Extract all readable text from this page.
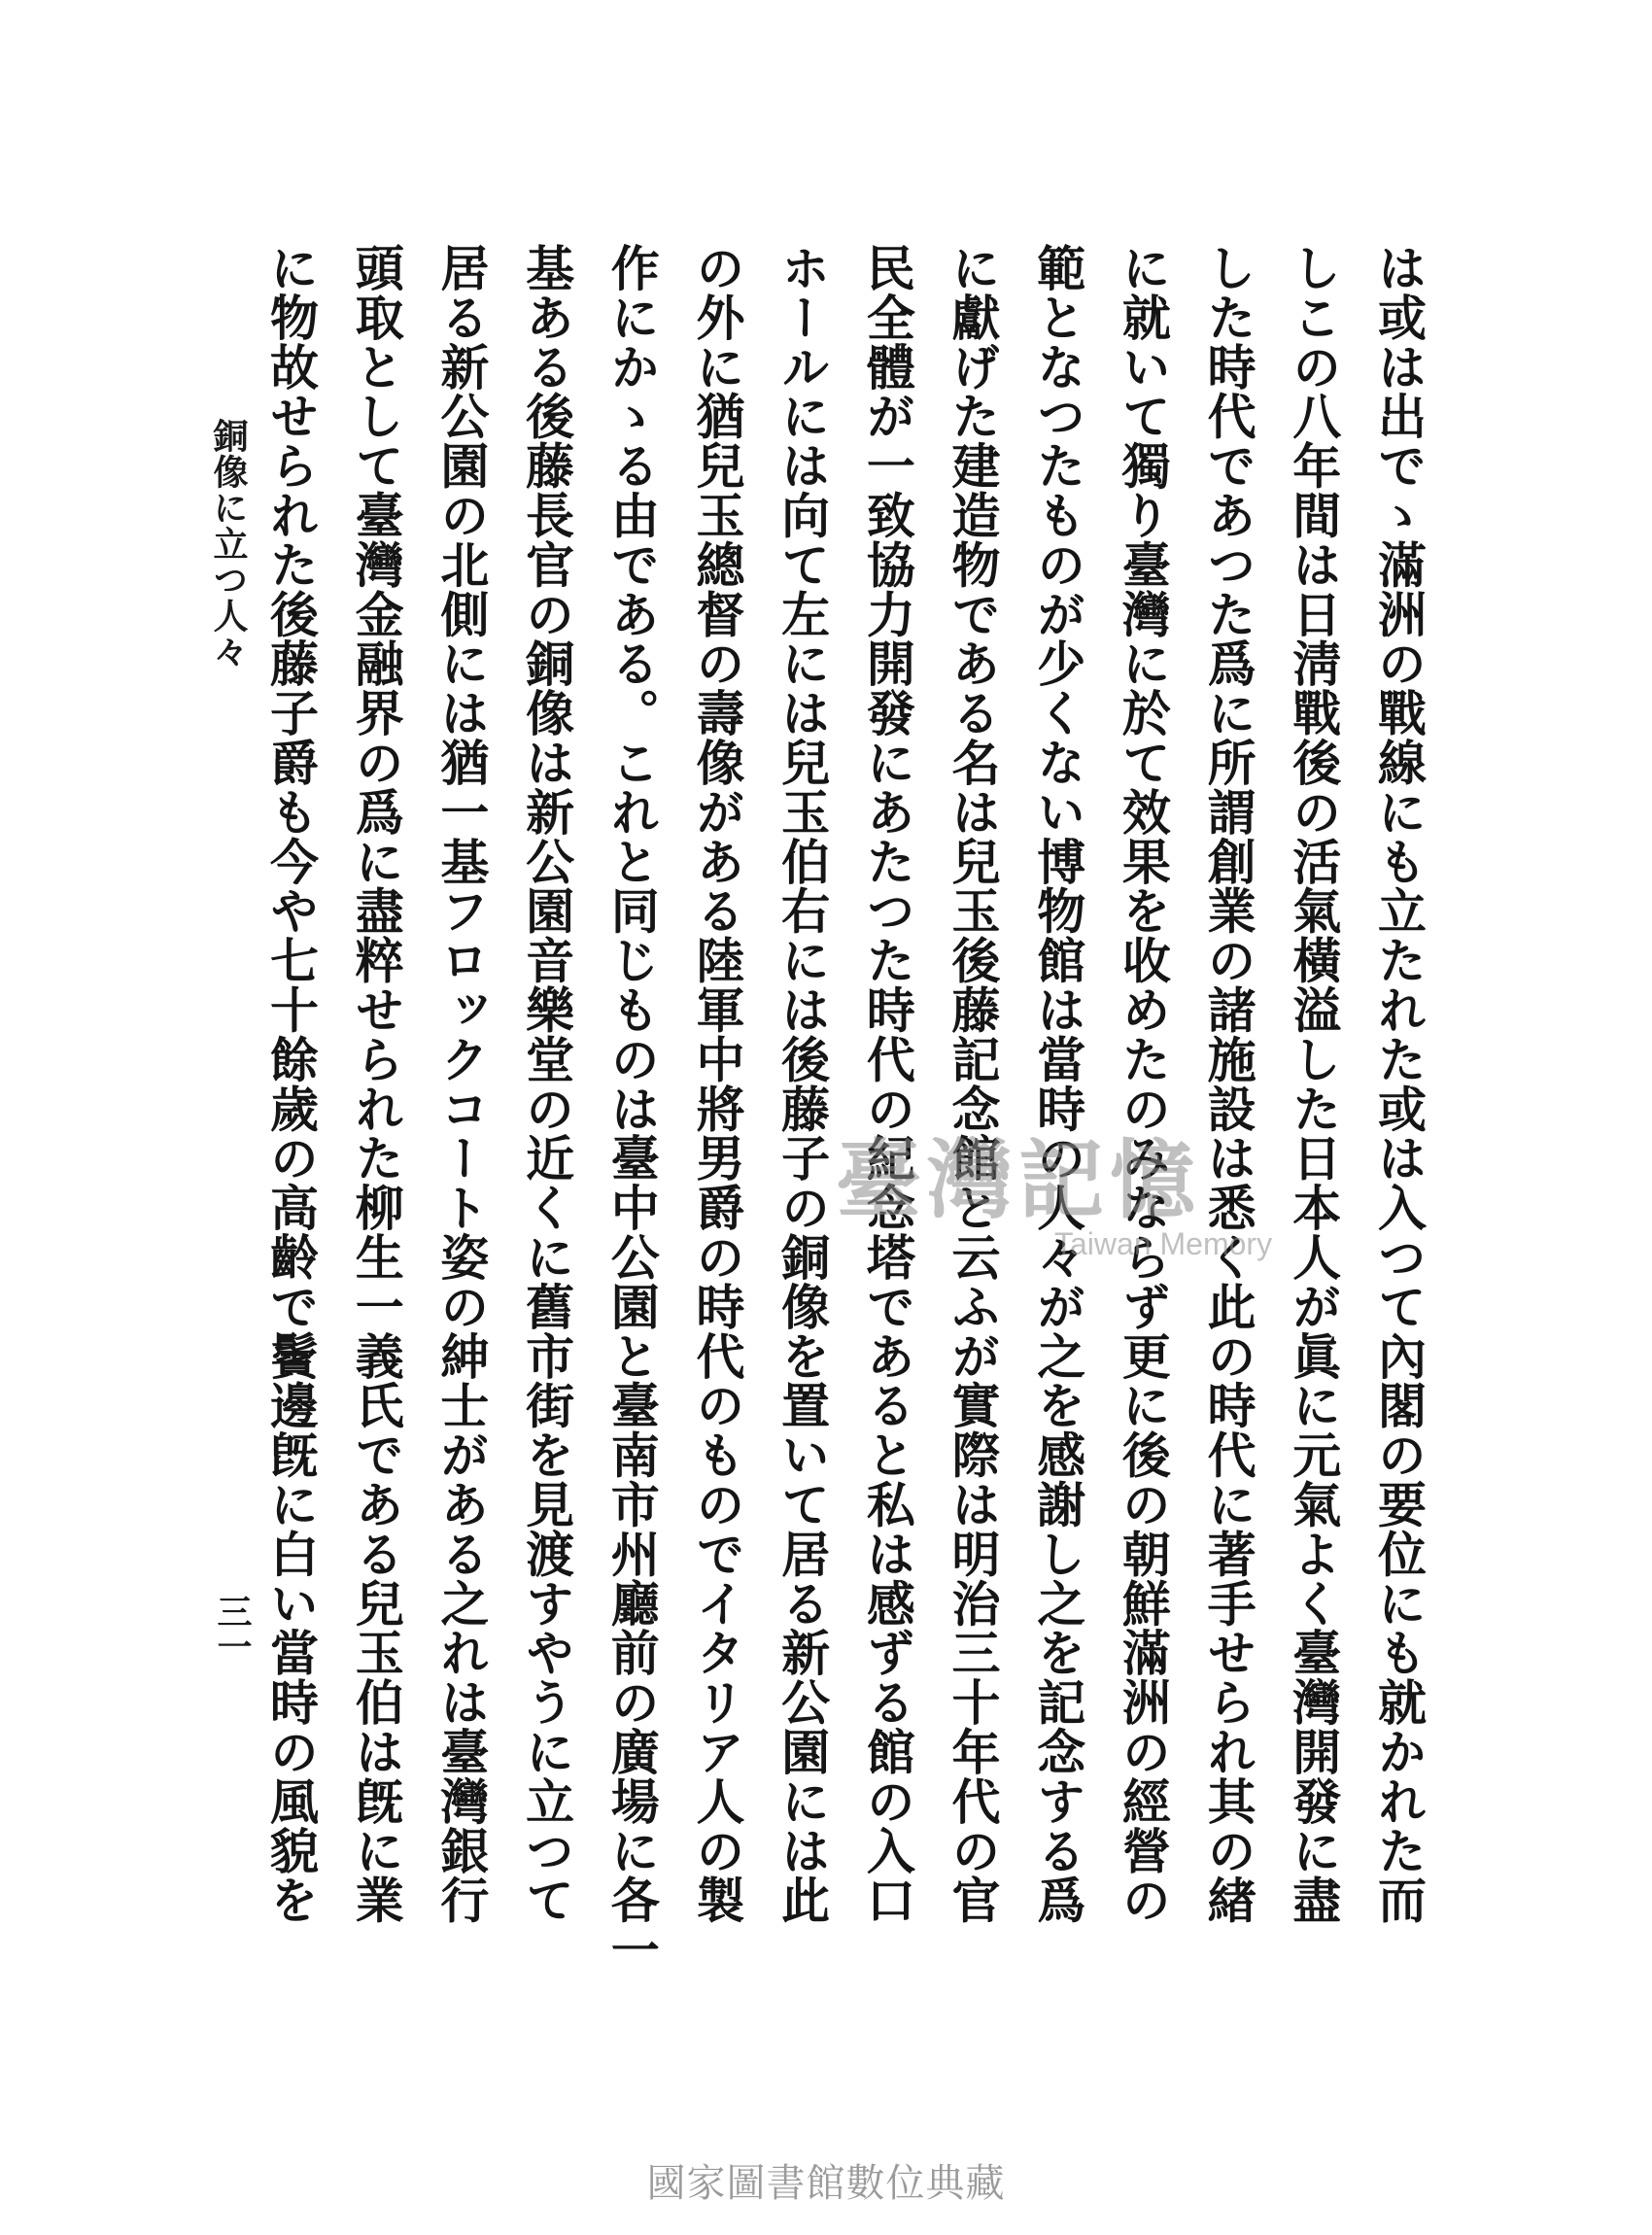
は或は出でゝ滿洲の戰線にも立たれた或は入つて內閣の要位にも就かれた而
しこの八年間は日淸戰後の活氣橫溢した日本人が眞に元氣よく臺灣開發に盡
した時代であつた爲に所謂創業の諸施設は悉く此の時代に著手せられ其の緖
に就いて獨り臺灣に於て效果を收めたのみならず更に後の朝鮮滿洲の經營の
範となつたものが少くない博物館は當時の人々が之を感謝し之を記念する爲
に獻げた建造物である名は兒玉後藤記念館と云ふが實際は明治三十年代の官
民全體が一致協力開發にあたつた時代の紀念塔であると私は感ずる館の入口
ホールには向て左には兒玉伯右には後藤子の銅像を置いて居る新公園には此
の外に猶兒玉總督の壽像がある陸軍中將男爵の時代のものでイタリア人の製
作にかゝる由である。これと同じものは臺中公園と臺南市州廳前の廣場に各一
基ある後藤長官の銅像は新公園音樂堂の近くに舊市街を見渡すやうに立つて
居る新公園の北側には猶一基フロックコート姿の紳士がある之れは臺灣銀行
頭取として臺灣金融界の爲に盡粹せられた柳生一義氏である兒玉伯は旣に業
に物故せられた後藤子爵も今や七十餘歲の高齡で鬢邊旣に白い當時の風貌を
銅像に立つ人々
三一
臺灣記憶
Taiwan Memory
國家圖書館數位典藏
